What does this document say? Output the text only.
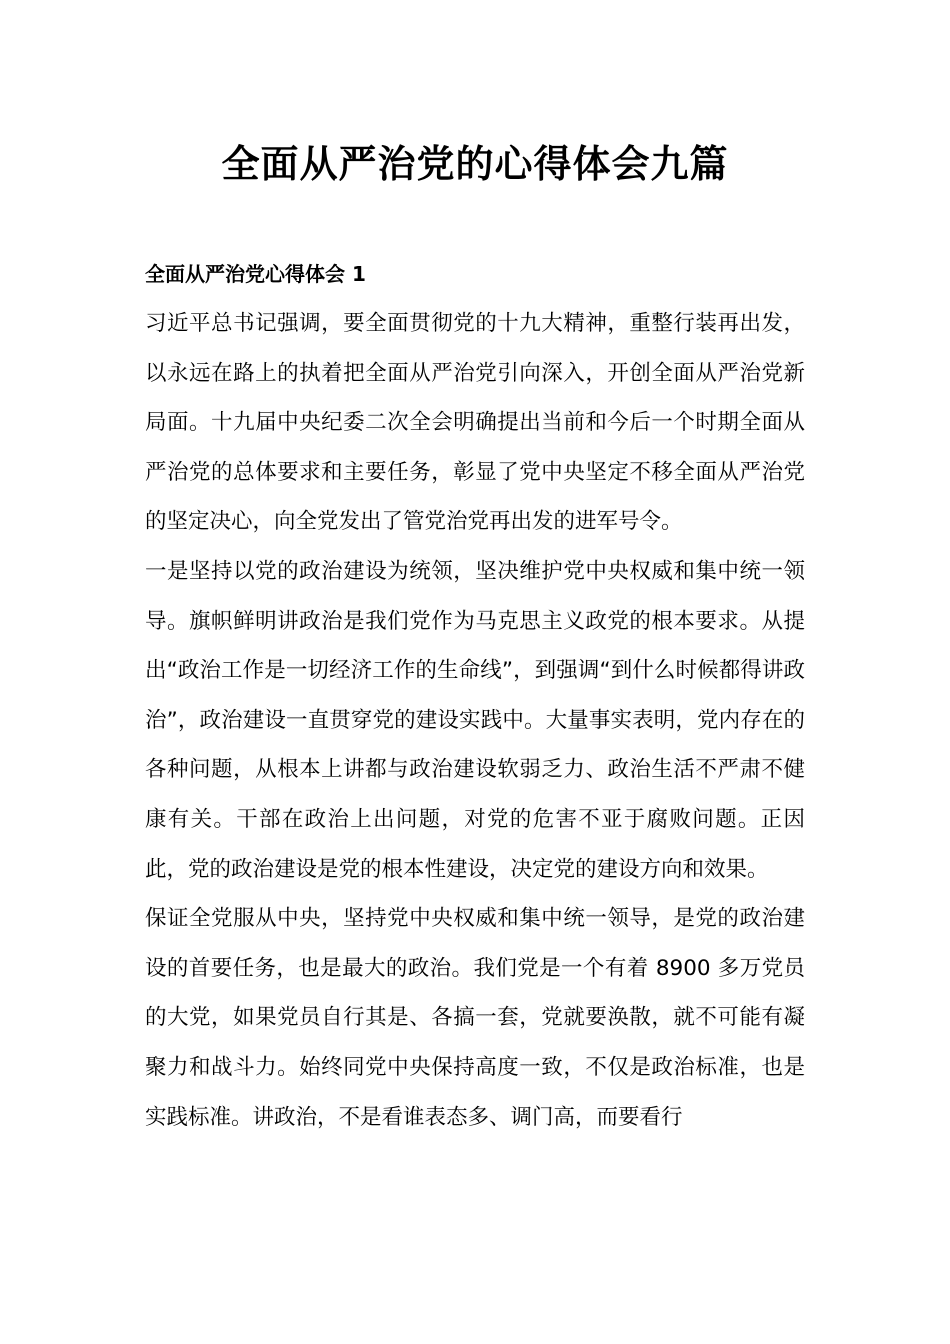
全面从严治党的心得体会九篇
全面从严治党心得体会 1

习近平总书记强调，要全面贯彻党的十九大精神，重整行装再出发，以永远在路上的执着把全面从严治党引向深入，开创全面从严治党新局面。十九届中央纪委二次全会明确提出当前和今后一个时期全面从严治党的总体要求和主要任务，彰显了党中央坚定不移全面从严治党的坚定决心，向全党发出了管党治党再出发的进军号令。

一是坚持以党的政治建设为统领，坚决维护党中央权威和集中统一领导。旗帜鲜明讲政治是我们党作为马克思主义政党的根本要求。从提出“政治工作是一切经济工作的生命线”，到强调“到什么时候都得讲政治”，政治建设一直贯穿党的建设实践中。大量事实表明，党内存在的各种问题，从根本上讲都与政治建设软弱乏力、政治生活不严肃不健康有关。干部在政治上出问题，对党的危害不亚于腐败问题。正因此，党的政治建设是党的根本性建设，决定党的建设方向和效果。

保证全党服从中央，坚持党中央权威和集中统一领导，是党的政治建设的首要任务，也是最大的政治。我们党是一个有着 8900 多万党员的大党，如果党员自行其是、各搞一套，党就要涣散，就不可能有凝聚力和战斗力。始终同党中央保持高度一致，不仅是政治标准，也是实践标准。讲政治，不是看谁表态多、调门高，而要看行
